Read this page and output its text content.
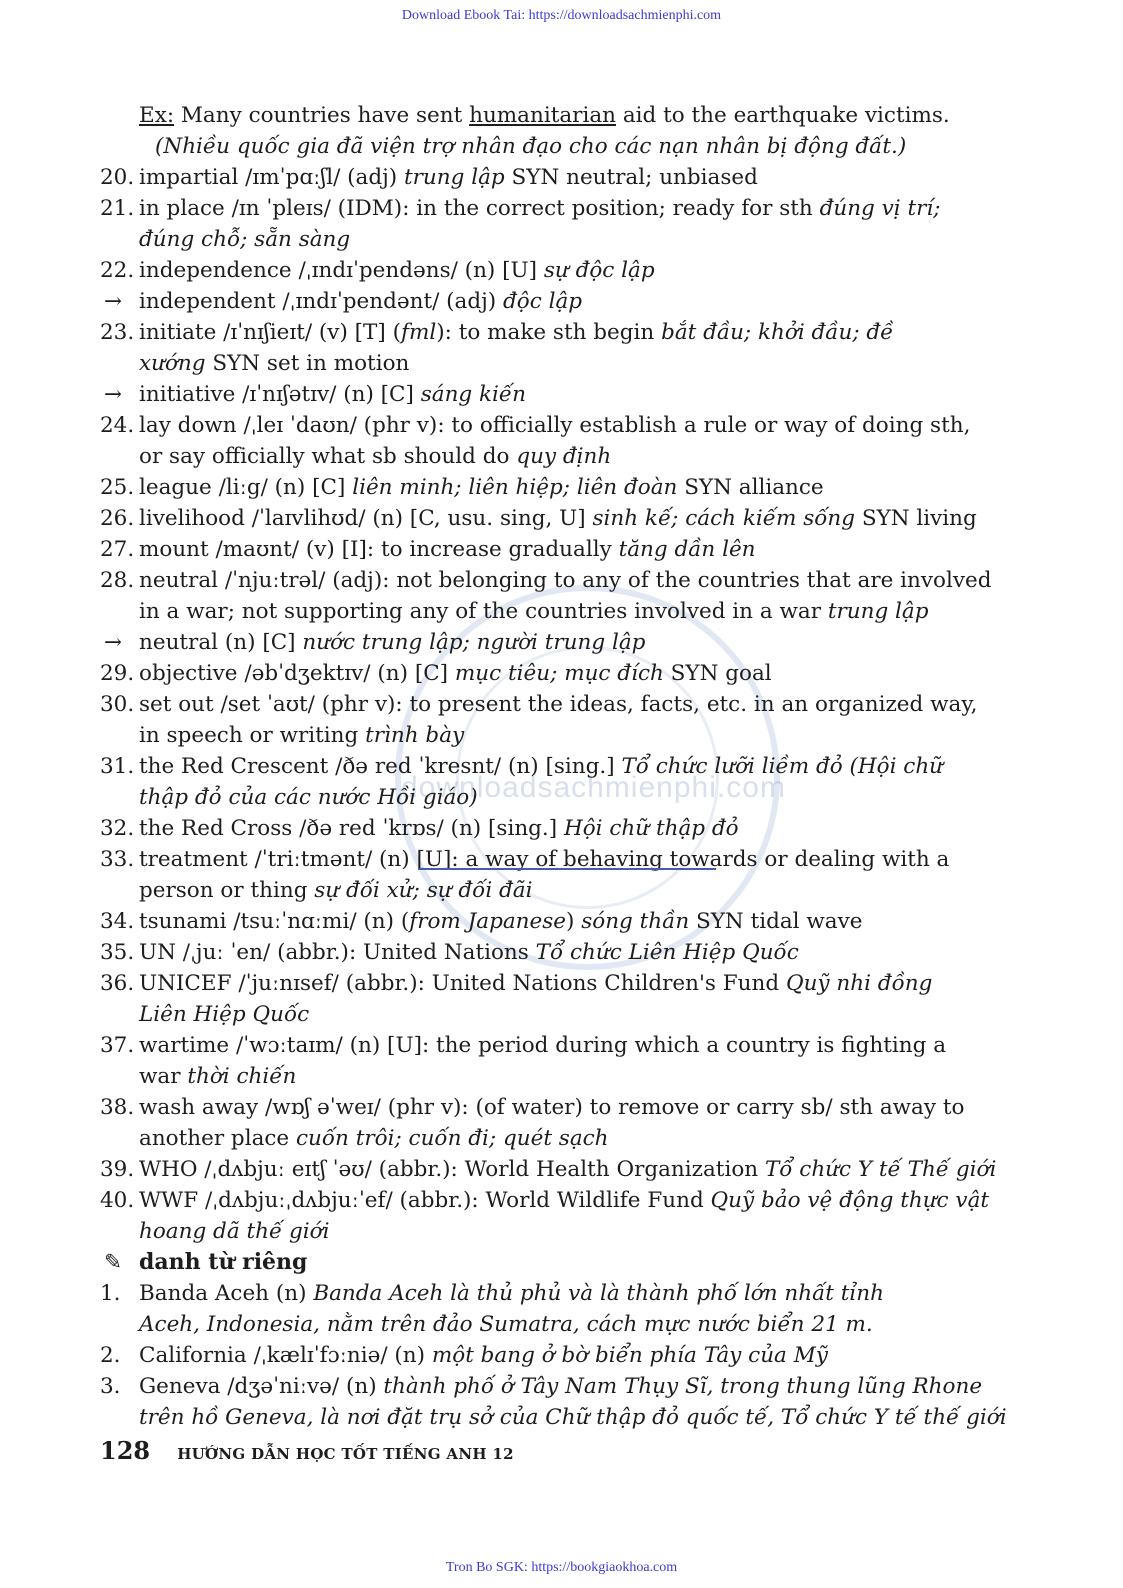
Download Ebook Tai: https://downloadsachmienphi.com
downloadsachmienphi.com
Ex: Many countries have sent humanitarian aid to the earthquake victims.
(Nhiều quốc gia đã viện trợ nhân đạo cho các nạn nhân bị động đất.)
20. impartial /ɪmˈpɑːʃl/ (adj) trung lập SYN neutral; unbiased
21. in place /ɪn ˈpleɪs/ (IDM): in the correct position; ready for sth đúng vị trí;
đúng chỗ; sẵn sàng
22. independence /ˌɪndɪˈpendəns/ (n) [U] sự độc lập
→ independent /ˌɪndɪˈpendənt/ (adj) độc lập
23. initiate /ɪˈnɪʃieɪt/ (v) [T] (fml): to make sth begin bắt đầu; khởi đầu; đề
xướng SYN set in motion
→ initiative /ɪˈnɪʃətɪv/ (n) [C] sáng kiến
24. lay down /ˌleɪ ˈdaʊn/ (phr v): to officially establish a rule or way of doing sth,
or say officially what sb should do quy định
25. league /liːg/ (n) [C] liên minh; liên hiệp; liên đoàn SYN alliance
26. livelihood /ˈlaɪvlihʊd/ (n) [C, usu. sing, U] sinh kế; cách kiếm sống SYN living
27. mount /maʊnt/ (v) [I]: to increase gradually tăng dần lên
28. neutral /ˈnjuːtrəl/ (adj): not belonging to any of the countries that are involved
in a war; not supporting any of the countries involved in a war trung lập
→ neutral (n) [C] nước trung lập; người trung lập
29. objective /əbˈdʒektɪv/ (n) [C] mục tiêu; mục đích SYN goal
30. set out /set ˈaʊt/ (phr v): to present the ideas, facts, etc. in an organized way,
in speech or writing trình bày
31. the Red Crescent /ðə red ˈkresnt/ (n) [sing.] Tổ chức lưỡi liềm đỏ (Hội chữ
thập đỏ của các nước Hồi giáo)
32. the Red Cross /ðə red ˈkrɒs/ (n) [sing.] Hội chữ thập đỏ
33. treatment /ˈtriːtmənt/ (n) [U]: a way of behaving towards or dealing with a
person or thing sự đối xử; sự đối đãi
34. tsunami /tsuːˈnɑːmi/ (n) (from Japanese) sóng thần SYN tidal wave
35. UN /ˌjuː ˈen/ (abbr.): United Nations Tổ chức Liên Hiệp Quốc
36. UNICEF /ˈjuːnɪsef/ (abbr.): United Nations Children's Fund Quỹ nhi đồng
Liên Hiệp Quốc
37. wartime /ˈwɔːtaɪm/ (n) [U]: the period during which a country is fighting a
war thời chiến
38. wash away /wɒʃ əˈweɪ/ (phr v): (of water) to remove or carry sb/ sth away to
another place cuốn trôi; cuốn đi; quét sạch
39. WHO /ˌdʌbjuː eɪtʃ ˈəʊ/ (abbr.): World Health Organization Tổ chức Y tế Thế giới
40. WWF /ˌdʌbjuːˌdʌbjuːˈef/ (abbr.): World Wildlife Fund Quỹ bảo vệ động thực vật
hoang dã thế giới
✎ danh từ riêng
1. Banda Aceh (n) Banda Aceh là thủ phủ và là thành phố lớn nhất tỉnh
Aceh, Indonesia, nằm trên đảo Sumatra, cách mực nước biển 21 m.
2. California /ˌkælɪˈfɔːniə/ (n) một bang ở bờ biển phía Tây của Mỹ
3. Geneva /dʒəˈniːvə/ (n) thành phố ở Tây Nam Thụy Sĩ, trong thung lũng Rhone
trên hồ Geneva, là nơi đặt trụ sở của Chữ thập đỏ quốc tế, Tổ chức Y tế thế giới
128 HƯỚNG DẪN HỌC TỐT TIẾNG ANH 12
Tron Bo SGK: https://bookgiaokhoa.com
